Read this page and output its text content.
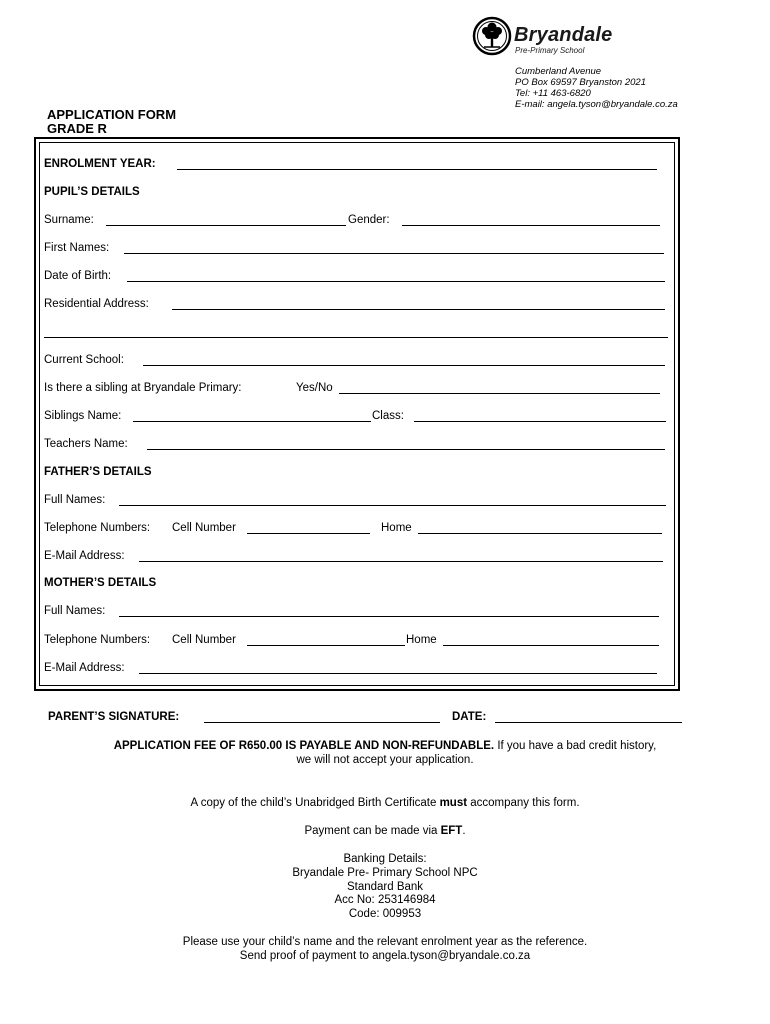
Bryandale
Pre-Primary School
Cumberland Avenue
PO Box 69597 Bryanston 2021
Tel: +11 463-6820
E-mail: angela.tyson@bryandale.co.za
APPLICATION FORM
GRADE R
ENROLMENT YEAR:
PUPIL’S DETAILS
Surname:	Gender:
First Names:
Date of Birth:
Residential Address:
Current School:
Is there a sibling at Bryandale Primary:	Yes/No
Siblings Name:	Class:
Teachers Name:
FATHER’S DETAILS
Full Names:
Telephone Numbers: Cell Number	Home
E-Mail Address:
MOTHER’S DETAILS
Full Names:
Telephone Numbers: Cell Number	Home
E-Mail Address:
PARENT’S SIGNATURE:	DATE:
APPLICATION FEE OF R650.00 IS PAYABLE AND NON-REFUNDABLE. If you have a bad credit history,
we will not accept your application.
A copy of the child’s Unabridged Birth Certificate must accompany this form.
Payment can be made via EFT.
Banking Details:
Bryandale Pre- Primary School NPC
Standard Bank
Acc No: 253146984
Code: 009953
Please use your child’s name and the relevant enrolment year as the reference.
Send proof of payment to angela.tyson@bryandale.co.za
